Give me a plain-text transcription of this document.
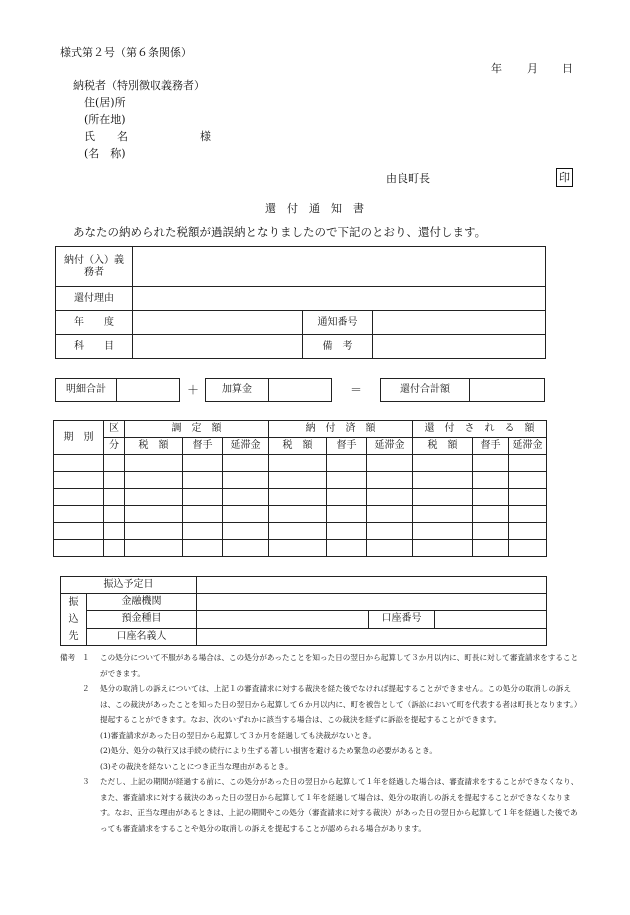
様式第２号（第６条関係）
年 月 日
納税者（特別徴収義務者）
住(居)所
(所在地)
氏　　名	様
(名　称)
由良町長	印
還　付　通　知　書
あなたの納められた税額が過誤納となりましたので下記のとおり、還付します。
納付（入）義
務者			

還付理由			
年　　度		通知番号	
科　　目		備　考	
明細合計	＋	加算金	＝	還付合計額
期　別	区	調　定　額			納　付　済　額			還　付　さ　れ　る　額		
	分	税　額	督手	延滞金	税　額	督手	延滞金	税　額	督手	延滞金

振込予定日				

振
込
先	金融機関			
	預金種目		口座番号	
	口座名義人			
備考 １	この処分について不服がある場合は、この処分があったことを知った日の翌日から起算して３か月以内に、町長に対して審査請求をすることができます。
２	処分の取消しの訴えについては、上記１の審査請求に対する裁決を経た後でなければ提起することができません。この処分の取消しの訴えは、この裁決があったことを知った日の翌日から起算して６か月以内に、町を被告として（訴訟において町を代表する者は町長となります。）提起することができます。なお、次のいずれかに該当する場合は、この裁決を経ずに訴訟を提起することができます。
(1)審査請求があった日の翌日から起算して３か月を経過しても決裁がないとき。
(2)処分、処分の執行又は手続の続行により生ずる著しい損害を避けるため緊急の必要があるとき。
(3)その裁決を経ないことにつき正当な理由があるとき。
３	ただし、上記の期間が経過する前に、この処分があった日の翌日から起算して１年を経過した場合は、審査請求をすることができなくなり、また、審査請求に対する裁決のあった日の翌日から起算して１年を経過して場合は、処分の取消しの訴えを提起することができなくなります。なお、正当な理由があるときは、上記の期間やこの処分（審査請求に対する裁決）があった日の翌日から起算して１年を経過した後であっても審査請求をすることや処分の取消しの訴えを提起することが認められる場合があります。
